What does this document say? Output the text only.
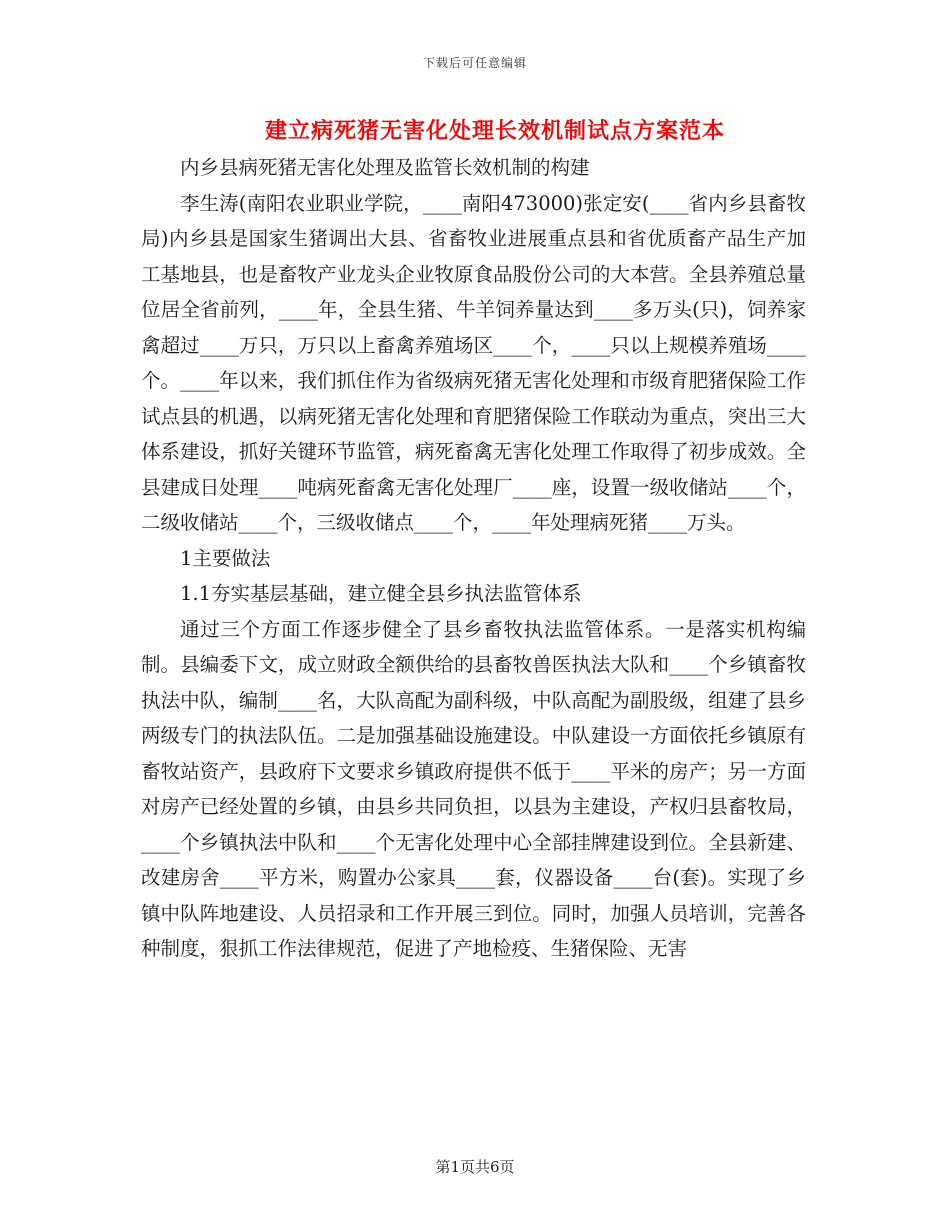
下载后可任意编辑
建立病死猪无害化处理长效机制试点方案范本

内乡县病死猪无害化处理及监管长效机制的构建

李生涛(南阳农业职业学院，____南阳473000)张定安(____省内乡县畜牧局)内乡县是国家生猪调出大县、省畜牧业进展重点县和省优质畜产品生产加工基地县，也是畜牧产业龙头企业牧原食品股份公司的大本营。全县养殖总量位居全省前列，____年，全县生猪、牛羊饲养量达到____多万头(只)，饲养家禽超过____万只，万只以上畜禽养殖场区____个，____只以上规模养殖场____个。____年以来，我们抓住作为省级病死猪无害化处理和市级育肥猪保险工作试点县的机遇，以病死猪无害化处理和育肥猪保险工作联动为重点，突出三大体系建设，抓好关键环节监管，病死畜禽无害化处理工作取得了初步成效。全县建成日处理____吨病死畜禽无害化处理厂____座，设置一级收储站____个，二级收储站____个，三级收储点____个，____年处理病死猪____万头。

1主要做法

1.1夯实基层基础，建立健全县乡执法监管体系

通过三个方面工作逐步健全了县乡畜牧执法监管体系。一是落实机构编制。县编委下文，成立财政全额供给的县畜牧兽医执法大队和____个乡镇畜牧执法中队，编制____名，大队高配为副科级，中队高配为副股级，组建了县乡两级专门的执法队伍。二是加强基础设施建设。中队建设一方面依托乡镇原有畜牧站资产，县政府下文要求乡镇政府提供不低于____平米的房产；另一方面对房产已经处置的乡镇，由县乡共同负担，以县为主建设，产权归县畜牧局，____个乡镇执法中队和____个无害化处理中心全部挂牌建设到位。全县新建、改建房舍____平方米，购置办公家具____套，仪器设备____台(套)。实现了乡镇中队阵地建设、人员招录和工作开展三到位。同时，加强人员培训，完善各种制度，狠抓工作法律规范，促进了产地检疫、生猪保险、无害

第1页共6页
